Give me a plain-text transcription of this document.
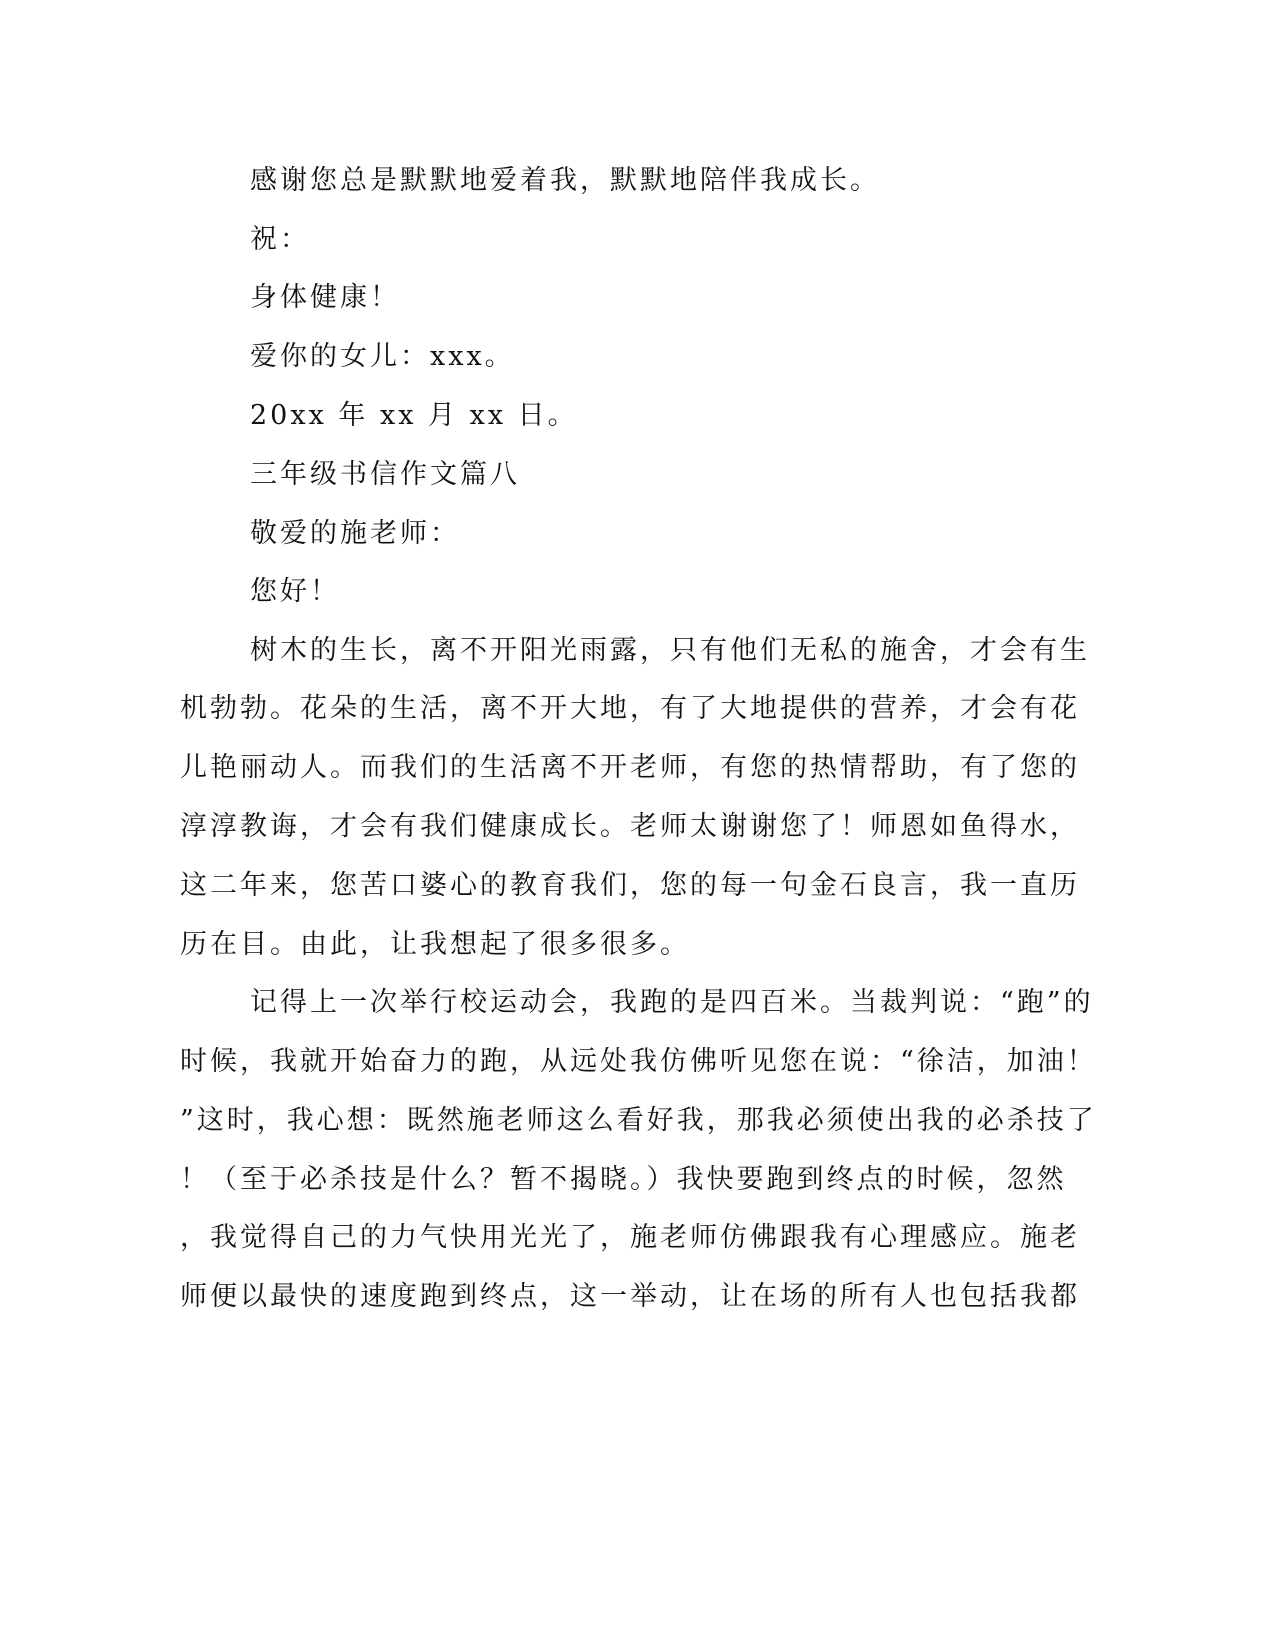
感谢您总是默默地爱着我，默默地陪伴我成长。
祝：
身体健康！
爱你的女儿：xxx。
20xx 年 xx 月 xx 日。
三年级书信作文篇八
敬爱的施老师：
您好！
树木的生长，离不开阳光雨露，只有他们无私的施舍，才会有生
机勃勃。花朵的生活，离不开大地，有了大地提供的营养，才会有花
儿艳丽动人。而我们的生活离不开老师，有您的热情帮助，有了您的
淳淳教诲，才会有我们健康成长。老师太谢谢您了！师恩如鱼得水，
这二年来，您苦口婆心的教育我们，您的每一句金石良言，我一直历
历在目。由此，让我想起了很多很多。
记得上一次举行校运动会，我跑的是四百米。当裁判说：“跑”的
时候，我就开始奋力的跑，从远处我仿佛听见您在说：“徐洁，加油！
”这时，我心想：既然施老师这么看好我，那我必须使出我的必杀技了
！（至于必杀技是什么？暂不揭晓。）我快要跑到终点的时候，忽然
，我觉得自己的力气快用光光了，施老师仿佛跟我有心理感应。施老
师便以最快的速度跑到终点，这一举动，让在场的所有人也包括我都
